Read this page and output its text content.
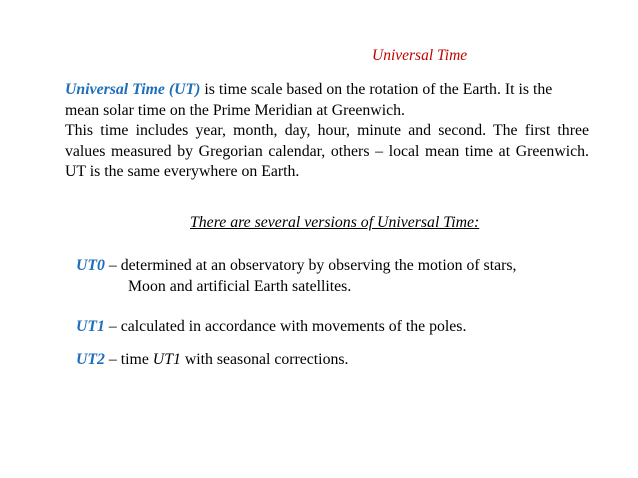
Universal Time

Universal Time (UT) is time scale based on the rotation of the Earth. It is the mean solar time on the Prime Meridian at Greenwich.

This time includes year, month, day, hour, minute and second. The first three values measured by Gregorian calendar, others – local mean time at Greenwich. UT is the same everywhere on Earth.

There are several versions of Universal Time:
UT0 – determined at an observatory by observing the motion of stars,
Moon and artificial Earth satellites.
UT1 – calculated in accordance with movements of the poles.
UT2 – time UT1 with seasonal corrections.
